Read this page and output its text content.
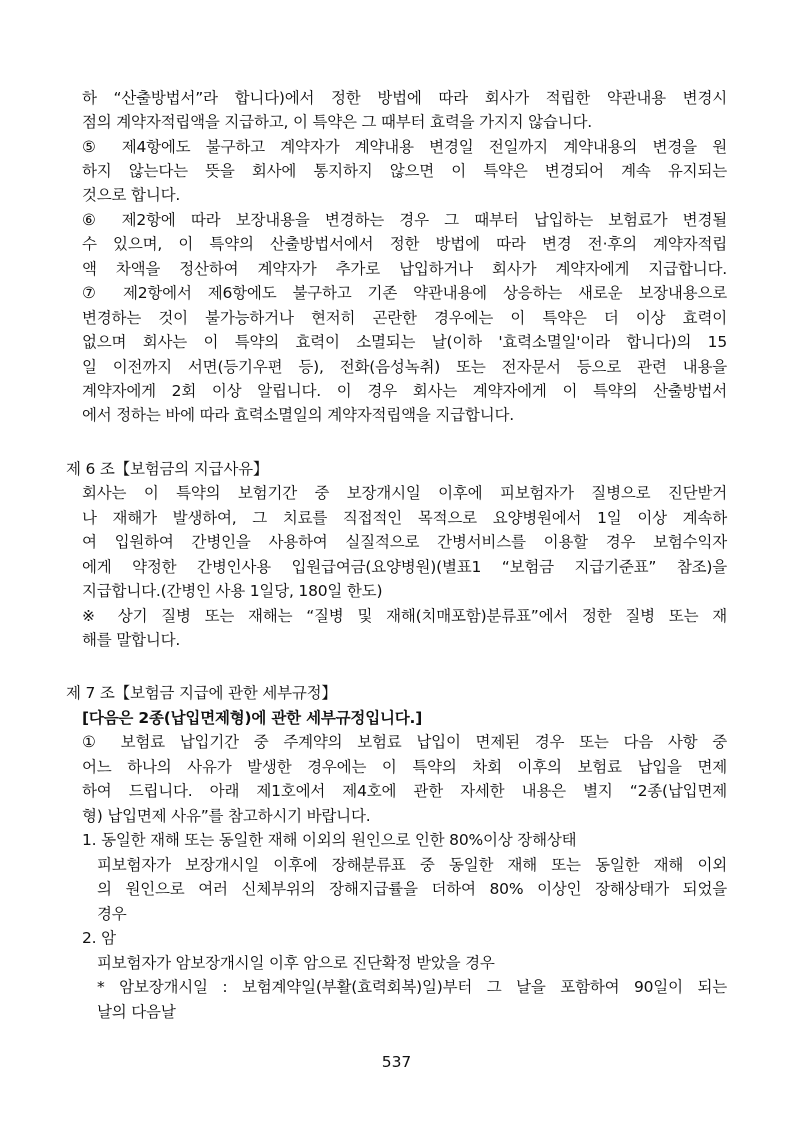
하 “산출방법서”라 합니다)에서 정한 방법에 따라 회사가 적립한 약관내용 변경시
점의 계약자적립액을 지급하고, 이 특약은 그 때부터 효력을 가지지 않습니다.
⑤ 제4항에도 불구하고 계약자가 계약내용 변경일 전일까지 계약내용의 변경을 원
하지 않는다는 뜻을 회사에 통지하지 않으면 이 특약은 변경되어 계속 유지되는
것으로 합니다.
⑥ 제2항에 따라 보장내용을 변경하는 경우 그 때부터 납입하는 보험료가 변경될
수 있으며, 이 특약의 산출방법서에서 정한 방법에 따라 변경 전·후의 계약자적립
액 차액을 정산하여 계약자가 추가로 납입하거나 회사가 계약자에게 지급합니다.
⑦ 제2항에서 제6항에도 불구하고 기존 약관내용에 상응하는 새로운 보장내용으로
변경하는 것이 불가능하거나 현저히 곤란한 경우에는 이 특약은 더 이상 효력이
없으며 회사는 이 특약의 효력이 소멸되는 날(이하 '효력소멸일'이라 합니다)의 15
일 이전까지 서면(등기우편 등), 전화(음성녹취) 또는 전자문서 등으로 관련 내용을
계약자에게 2회 이상 알립니다. 이 경우 회사는 계약자에게 이 특약의 산출방법서
에서 정하는 바에 따라 효력소멸일의 계약자적립액을 지급합니다.
제 6 조【보험금의 지급사유】
회사는 이 특약의 보험기간 중 보장개시일 이후에 피보험자가 질병으로 진단받거
나 재해가 발생하여, 그 치료를 직접적인 목적으로 요양병원에서 1일 이상 계속하
여 입원하여 간병인을 사용하여 실질적으로 간병서비스를 이용할 경우 보험수익자
에게 약정한 간병인사용 입원급여금(요양병원)(별표1 “보험금 지급기준표” 참조)을
지급합니다.(간병인 사용 1일당, 180일 한도)
※ 상기 질병 또는 재해는 “질병 및 재해(치매포함)분류표”에서 정한 질병 또는 재
해를 말합니다.
제 7 조【보험금 지급에 관한 세부규정】
[다음은 2종(납입면제형)에 관한 세부규정입니다.]
① 보험료 납입기간 중 주계약의 보험료 납입이 면제된 경우 또는 다음 사항 중
어느 하나의 사유가 발생한 경우에는 이 특약의 차회 이후의 보험료 납입을 면제
하여 드립니다. 아래 제1호에서 제4호에 관한 자세한 내용은 별지 “2종(납입면제
형) 납입면제 사유”를 참고하시기 바랍니다.
1. 동일한 재해 또는 동일한 재해 이외의 원인으로 인한 80%이상 장해상태
피보험자가 보장개시일 이후에 장해분류표 중 동일한 재해 또는 동일한 재해 이외
의 원인으로 여러 신체부위의 장해지급률을 더하여 80% 이상인 장해상태가 되었을
경우
2. 암
피보험자가 암보장개시일 이후 암으로 진단확정 받았을 경우
* 암보장개시일 : 보험계약일(부활(효력회복)일)부터 그 날을 포함하여 90일이 되는
날의 다음날
537
